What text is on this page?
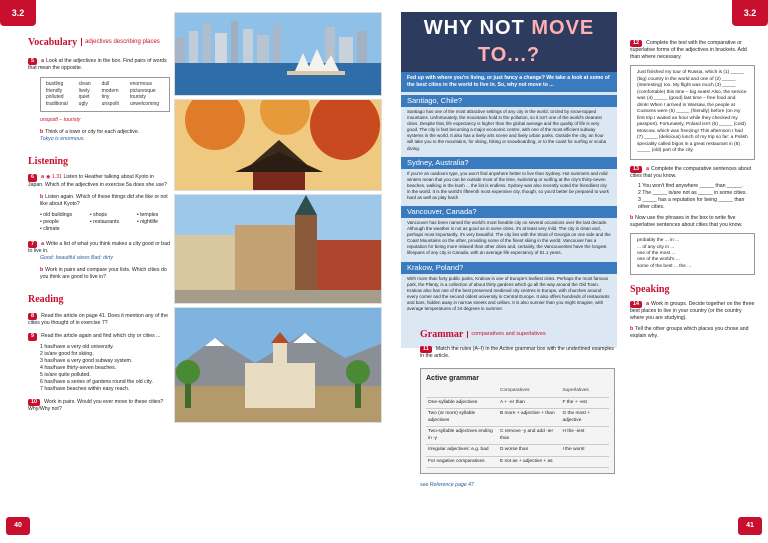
3.2	3.2
Vocabulary	adjectives describing places
5 a Look at the adjectives in the box. Find pairs of words that mean the opposite.
bustling	clean	dull	enormous
friendly	lively	modern	picturesque
polluted	quiet	tiny	touristy
traditional	ugly	unspoilt	unwelcoming
unspoilt – touristy
b Think of a town or city for each adjective.
Tokyo is enormous.
Listening
6 a ◉ 1.31 Listen to Heather talking about Kyoto in Japan. Which of the adjectives in exercise 5a does she use?
b Listen again. Which of these things did she like or not like about Kyoto?
• old buildings	• shops	• temples
• people	• restaurants	• nightlife
• climate
7 a Write a list of what you think makes a city good or bad to live in.
Good: beautiful views Bad: dirty
b Work in pairs and compare your lists. Which cities do you think are good to live in?
Reading
8 Read the article on page 41. Does it mention any of the cities you thought of in exercise 7?
9 Read the article again and find which city or cities ...
1 has/have a very old university.
2 is/are good for skiing.
3 has/have a very good subway system.
4 has/have thirty-seven beaches.
5 is/are quite polluted.
6 has/have a series of gardens round the old city.
7 has/have beaches within easy reach.
10 Work in pairs. Would you ever move to these cities? Why/Why not?
WHY NOT MOVE TO...?
Fed up with where you're living, or just fancy a change? We take a look at some of the best cities in the world to live in. So, why not move to ...
Santiago, Chile?
Santiago has one of the most attractive settings of any city in the world, circled by snow-topped mountains. Unfortunately, the mountains hold in the pollution, so it isn't one of the world's cleanest cities. Despite that, life expectancy is higher than the global average and the quality of life is very good. The city is fast becoming a major economic centre, with one of the most efficient subway systems in the world. It also has a lively arts scene and lively urban parks. Outside the city, an hour will take you to the mountains, for skiing, hiking or snowboarding, or to the coast for surfing or scuba diving.
Sydney, Australia?
If you're an outdoors type, you won't find anywhere better to live than Sydney. Hot summers and mild winters mean that you can be outside most of the time, swimming or surfing at the city's thirty-seven beaches, walking in the bush ... the list is endless. Sydney was also recently voted the friendliest city in the world. It is the world's fifteenth most expensive city, though, so you'd better be prepared to work hard as well as play hard!
Vancouver, Canada?
Vancouver has been named the world's most liveable city on several occasions over the last decade. Although the weather is not as good as in some cities, it's at least very mild. The city is clean and, perhaps most importantly, it's very beautiful. The city lies with the Strait of Georgia on one side and the Coast Mountains on the other, providing some of the finest skiing in the world. Vancouver has a reputation for being more relaxed than other cities and, certainly, the Vancouverites have the longest lifespans of any city in Canada, with an average life expectancy of 81.1 years.
Krakow, Poland?
With more than forty public parks, Krakow is one of Europe's leafiest cities. Perhaps the most famous park, the Planty, is a collection of about thirty gardens which go all the way around the Old Town. Krakow also has one of the best preserved medieval city centres in Europe, with churches around every corner and the second oldest university in Central Europe. It also offers hundreds of restaurants and bars, hidden away in narrow streets and cellars. It is also sunnier than you might imagine, with average temperatures of 24 degrees in summer.
Grammar	comparatives and superlatives
11 Match the rules (A–I) in the Active grammar box with the underlined examples in the article.
Active grammar
	Comparatives	Superlatives
One-syllable adjectives	A + -er than	F the + -est
Two (or more) syllable adjectives	B more + adjective + than	G the most + adjective
Two-syllable adjectives ending in -y	C remove -y and add -ier than	H the -iest
Irregular adjectives: e.g. bad	D worse than	I the worst
For negative comparatives	E not as + adjective + as	
see Reference page 47
12 Complete the text with the comparative or superlative forms of the adjectives in brackets. Add than where necessary.
Just finished my tour of Russia, which is (1) _____ (big) country in the world and one of (2) _____ (interesting) too. My flight was much (3) _____ (comfortable) this time – big seats! Also, the service was (4) _____ (good) last time – free food and drink! When I arrived in Warsaw, the people at Customs were (5) _____ (friendly) before (on my first trip I waited an hour while they checked my passport). Fortunately, Poland isn't (6) _____ (cold) Moscow, which was freezing! This afternoon I had (7) _____ (delicious) lunch of my trip so far: a Polish speciality called bigos in a great restaurant in (8) _____ (old) part of the city.
13 a Complete the comparative sentences about cities that you know.
1 You won't find anywhere _____ than _____.
2 The _____ is/are not as _____ in some cities.
3 _____ has a reputation for being _____ than other cities.
b Now use the phrases in the box to write five superlative sentences about cities that you know.
probably the ... in ...
... of any city in ...
one of the most ...
one of the world's ...
some of the best ... the ...
Speaking
14 a Work in groups. Decide together on the three best places to live in your country (or the country where you are studying).
b Tell the other groups which places you chose and explain why.
40	41
